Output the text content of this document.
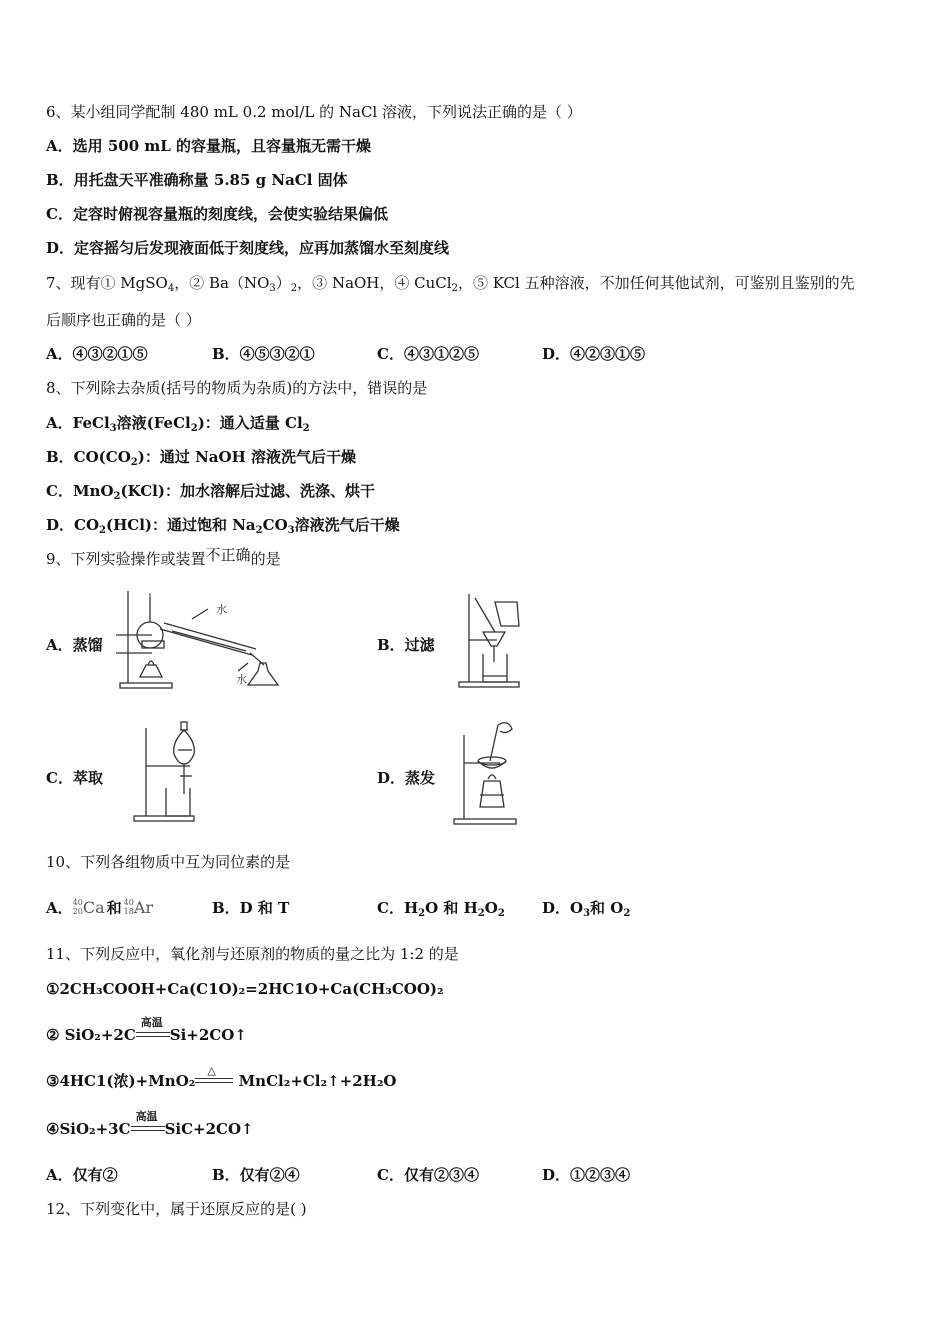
6、某小组同学配制 480 mL 0.2 mol/L 的 NaCl 溶液，下列说法正确的是（ ）
A．选用 500 mL 的容量瓶，且容量瓶无需干燥
B．用托盘天平准确称量 5.85 g NaCl 固体
C．定容时俯视容量瓶的刻度线，会使实验结果偏低
D．定容摇匀后发现液面低于刻度线，应再加蒸馏水至刻度线
7、现有① MgSO$_4$，② $Ba(NO_3)_2$，③ NaOH，④ CuCl$_2$，⑤ KCl 五种溶液，不加任何其他试剂，可鉴别且鉴别的先
后顺序也正确的是（ ）
A．④③②①⑤	B．④⑤③②①	C．④③①②⑤	D．④②③①⑤
8、下列除去杂质(括号的物质为杂质)的方法中，错误的是
A．FeCl$_3$溶液(FeCl$_2$)：通入适量 $Cl_2$
B．$CO(CO_2)$：通过 NaOH 溶液洗气后干燥
C．MnO$_2$(KCl)：加水溶解后过滤、洗涤、烘干
D．$CO_2(HCl)$：通过饱和 $Na_2CO_3$溶液洗气后干燥
9、下列实验操作或装置不正确的是
A．蒸馏	B．过滤
C．萃取	D．蒸发
水
水
10、下列各组物质中互为同位素的是
A．40
20Ca 和 40
18Ar	B．D 和 T	C．$H_2O$ 和 $H_2O_2$ D．$O_3$和 $O_2$
11、下列反应中，氧化剂与还原剂的物质的量之比为 1:2 的是
①2CH₃COOH+Ca(C1O)₂=2HC1O+Ca(CH₃COO)₂
② SiO₂+2C
高温
Si+2CO↑
③4HC1(浓)+MnO₂
△
MnCl₂+Cl₂↑+2H₂O
④SiO₂+3C
高温
SiC+2CO↑
A．仅有②	B．仅有②④	C．仅有②③④	D．①②③④
12、下列变化中，属于还原反应的是( )
